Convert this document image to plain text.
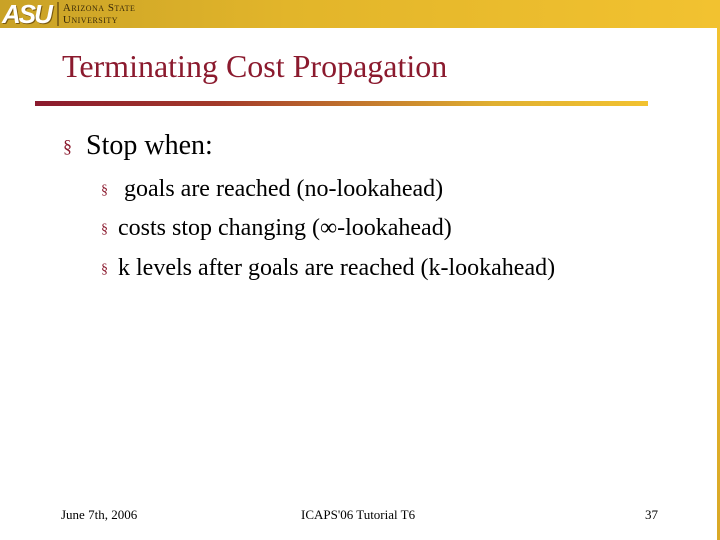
ASU Arizona State
University
Terminating Cost Propagation
§ Stop when:
§ goals are reached (no-lookahead)
§ costs stop changing (∞-lookahead)
§ k levels after goals are reached (k-lookahead)
June 7th, 2006	ICAPS'06 Tutorial T6	37
